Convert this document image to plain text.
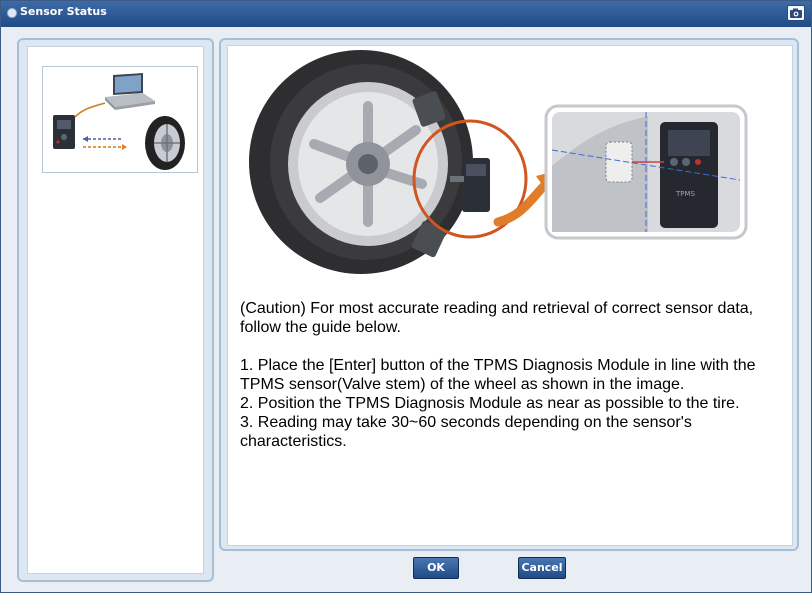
Sensor Status
TPMS

(Caution) For most accurate reading and retrieval of correct sensor data, follow the guide below.

1. Place the [Enter] button of the TPMS Diagnosis Module in line with the TPMS sensor(Valve stem) of the wheel as shown in the image.

2. Position the TPMS Diagnosis Module as near as possible to the tire.

3. Reading may take 30~60 seconds depending on the sensor's characteristics.

OK	Cancel
